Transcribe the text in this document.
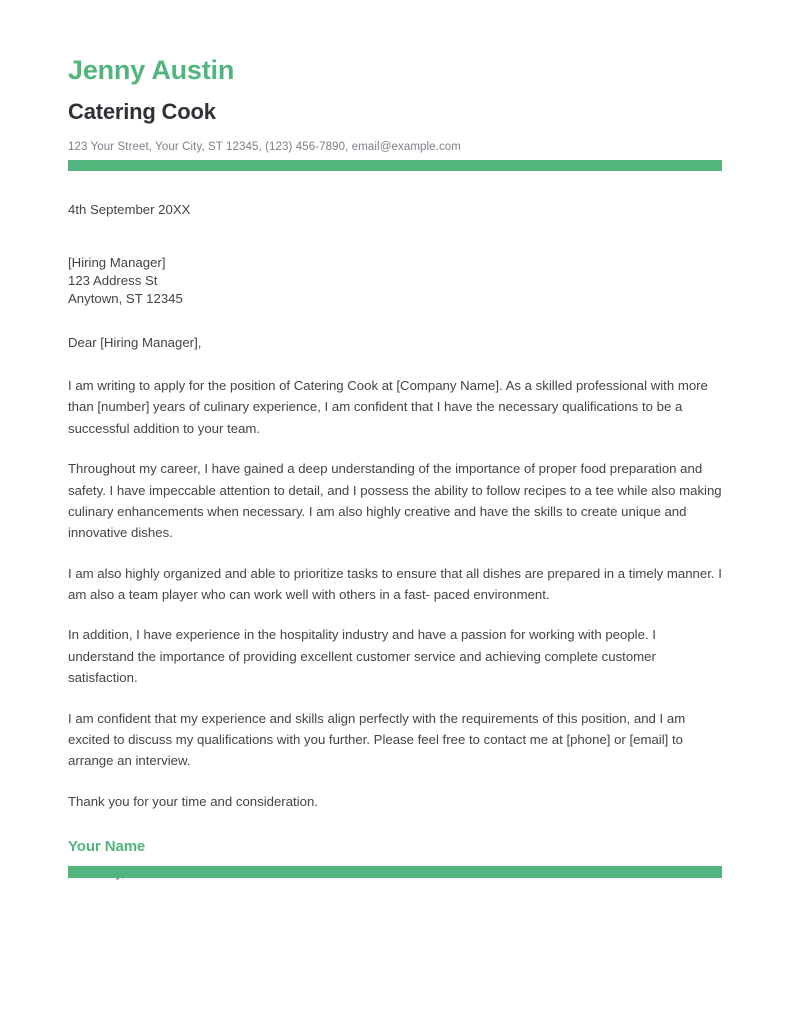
Jenny Austin
Catering Cook
123 Your Street, Your City, ST 12345, (123) 456-7890, email@example.com
4th September 20XX
[Hiring Manager]
123 Address St
Anytown, ST 12345
Dear [Hiring Manager],

I am writing to apply for the position of Catering Cook at [Company Name]. As a skilled professional with more than [number] years of culinary experience, I am confident that I have the necessary qualifications to be a successful addition to your team.

Throughout my career, I have gained a deep understanding of the importance of proper food preparation and safety. I have impeccable attention to detail, and I possess the ability to follow recipes to a tee while also making culinary enhancements when necessary. I am also highly creative and have the skills to create unique and innovative dishes.

I am also highly organized and able to prioritize tasks to ensure that all dishes are prepared in a timely manner. I am also a team player who can work well with others in a fast- paced environment.

In addition, I have experience in the hospitality industry and have a passion for working with people. I understand the importance of providing excellent customer service and achieving complete customer satisfaction.

I am confident that my experience and skills align perfectly with the requirements of this position, and I am excited to discuss my qualifications with you further. Please feel free to contact me at [phone] or [email] to arrange an interview.

Thank you for your time and consideration.
Your Name
